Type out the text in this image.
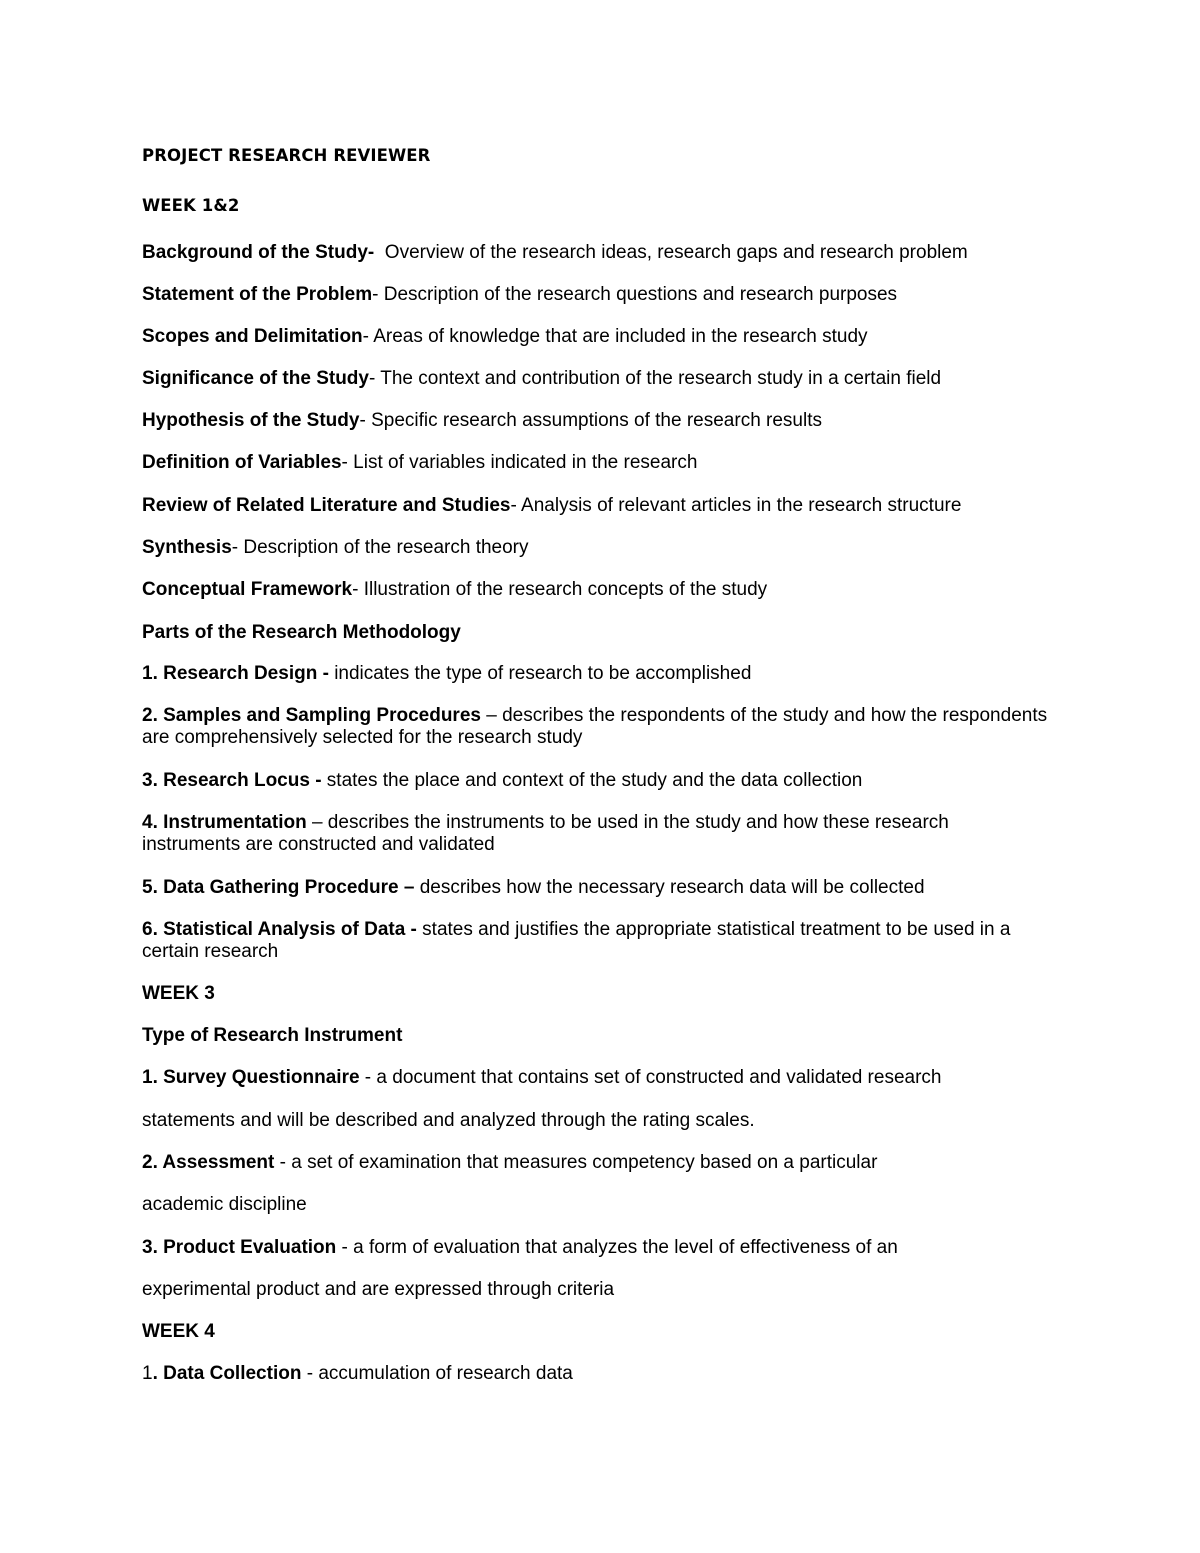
PROJECT RESEARCH REVIEWER
WEEK 1&2
Background of the Study-  Overview of the research ideas, research gaps and research problem
Statement of the Problem- Description of the research questions and research purposes
Scopes and Delimitation- Areas of knowledge that are included in the research study
Significance of the Study- The context and contribution of the research study in a certain field
Hypothesis of the Study- Specific research assumptions of the research results
Definition of Variables- List of variables indicated in the research
Review of Related Literature and Studies- Analysis of relevant articles in the research structure
Synthesis- Description of the research theory
Conceptual Framework- Illustration of the research concepts of the study
Parts of the Research Methodology
1. Research Design - indicates the type of research to be accomplished
2. Samples and Sampling Procedures – describes the respondents of the study and how the respondents are comprehensively selected for the research study
3. Research Locus - states the place and context of the study and the data collection
4. Instrumentation – describes the instruments to be used in the study and how these research instruments are constructed and validated
5. Data Gathering Procedure – describes how the necessary research data will be collected
6. Statistical Analysis of Data - states and justifies the appropriate statistical treatment to be used in a certain research
WEEK 3
Type of Research Instrument
1. Survey Questionnaire - a document that contains set of constructed and validated research
statements and will be described and analyzed through the rating scales.
2. Assessment - a set of examination that measures competency based on a particular
academic discipline
3. Product Evaluation - a form of evaluation that analyzes the level of effectiveness of an
experimental product and are expressed through criteria
WEEK 4
1. Data Collection - accumulation of research data
